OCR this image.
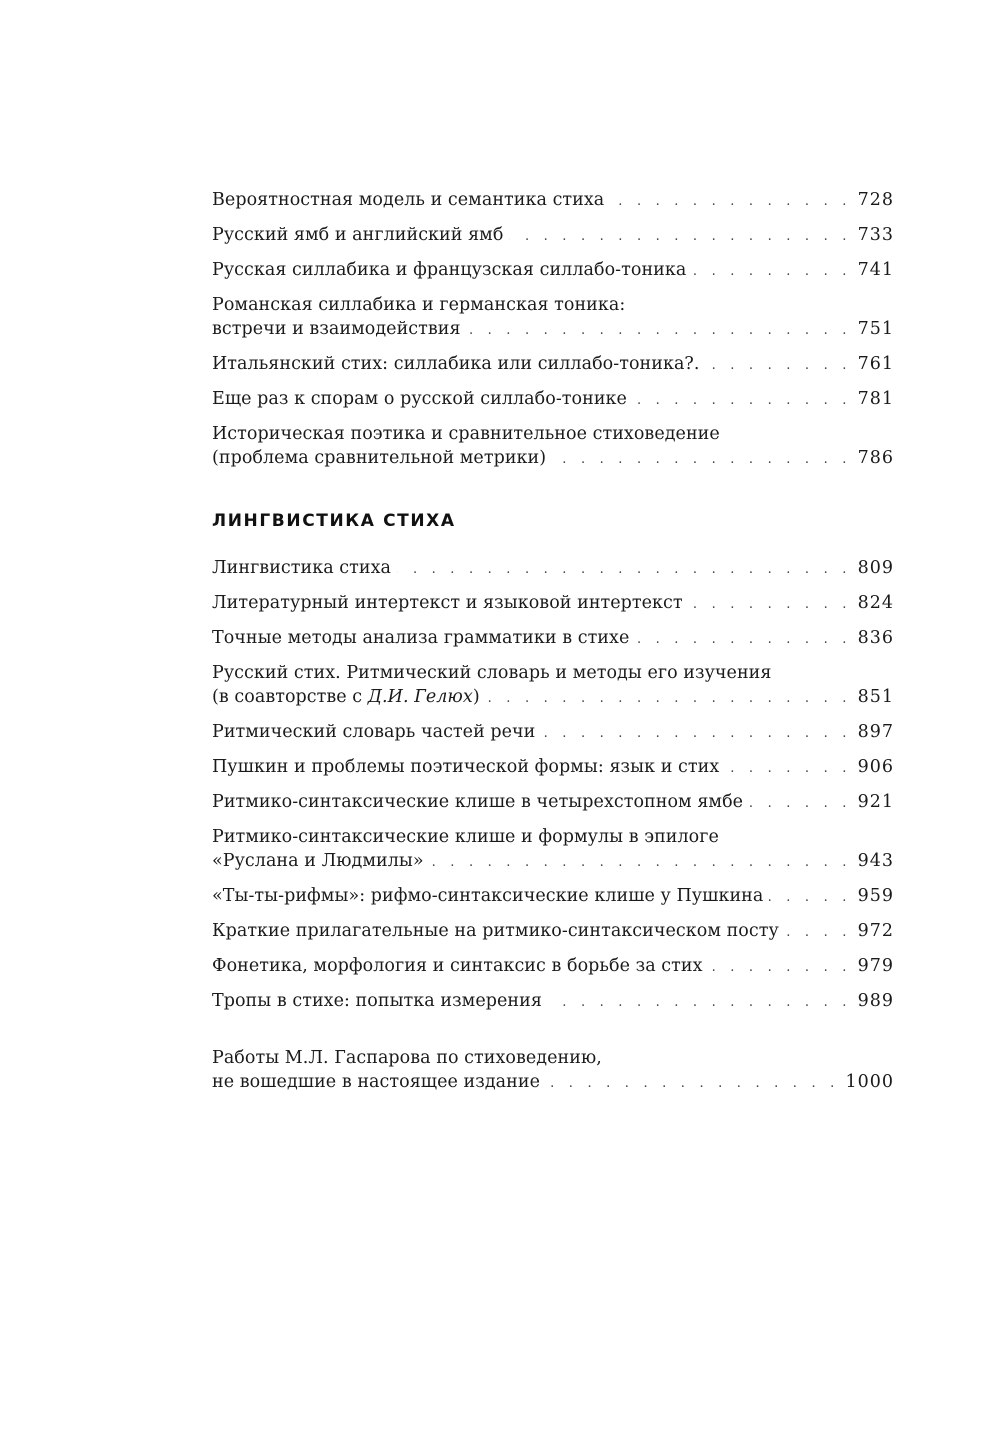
Вероятностная модель и семантика стиха . . .	728
Русский ямб и английский ямб . . .	733
Русская силлабика и французская силлабо-тоника . . .	741
Романская силлабика и германская тоника:
встречи и взаимодействия . . .	751
Итальянский стих: силлабика или силлабо-тоника?. . . .	761
Еще раз к спорам о русской силлабо-тонике . . .	781
Историческая поэтика и сравнительное стиховедение
(проблема сравнительной метрики) . . .	786
ЛИНГВИСТИКА СТИХА
Лингвистика стиха . . .	809
Литературный интертекст и языковой интертекст . . .	824
Точные методы анализа грамматики в стихе . . .	836
Русский стих. Ритмический словарь и методы его изучения
(в соавторстве с Д.И. Гелюх) . . .	851
Ритмический словарь частей речи . . .	897
Пушкин и проблемы поэтической формы: язык и стих . . .	906
Ритмико-синтаксические клише в четырехстопном ямбе . . .	921
Ритмико-синтаксические клише и формулы в эпилоге
«Руслана и Людмилы» . . .	943
«Ты-ты-рифмы»: рифмо-синтаксические клише у Пушкина . . .	959
Краткие прилагательные на ритмико-синтаксическом посту . . .	972
Фонетика, морфология и синтаксис в борьбе за стих . . .	979
Тропы в стихе: попытка измерения . . .	989
Работы М.Л. Гаспарова по стиховедению,
не вошедшие в настоящее издание . . .	1000
